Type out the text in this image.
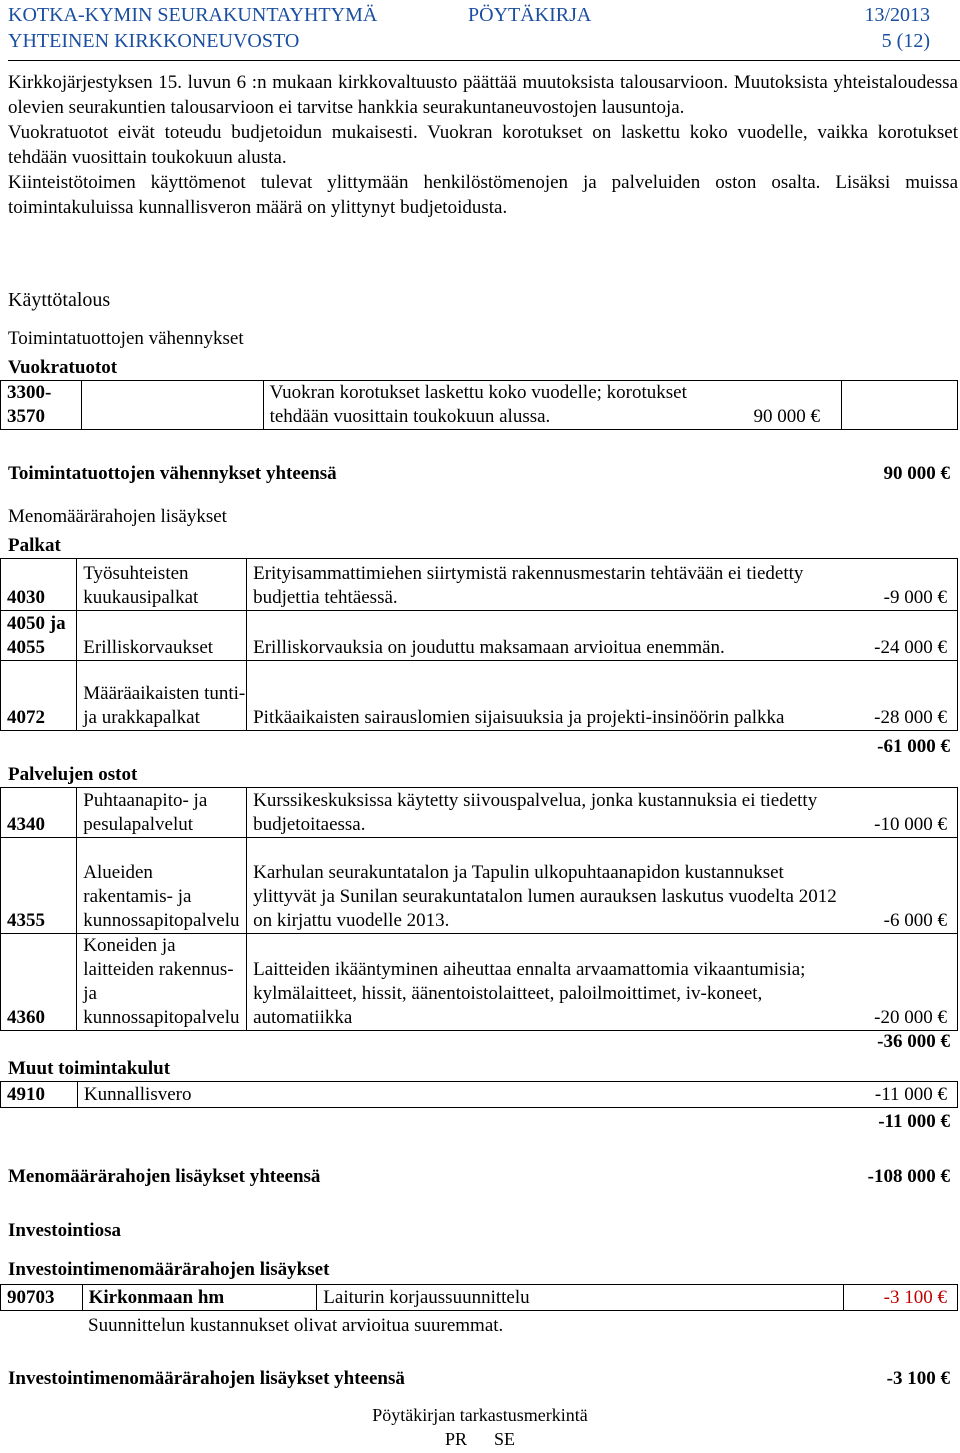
KOTKA-KYMIN SEURAKUNTAYHTYMÄ	PÖYTÄKIRJA	13/2013
YHTEINEN KIRKKONEUVOSTO	5 (12)

Kirkkojärjestyksen 15. luvun 6 :n mukaan kirkkovaltuusto päättää muutoksista talousarvioon. Muutoksista yhteistaloudessa olevien seurakuntien talousarvioon ei tarvitse hankkia seurakuntaneuvostojen lausuntoja.

Vuokratuotot eivät toteudu budjetoidun mukaisesti. Vuokran korotukset on laskettu koko vuodelle, vaikka korotukset tehdään vuosittain toukokuun alusta.

Kiinteistötoimen käyttömenot tulevat ylittymään henkilöstömenojen ja palveluiden oston osalta. Lisäksi muissa toimintakuluissa kunnallisveron määrä on ylittynyt budjetoidusta.

Käyttötalous
Toimintatuottojen vähennykset
Vuokratuotot
3300-
3570		Vuokran korotukset laskettu koko vuodelle; korotukset tehdään vuosittain toukokuun alussa.	90 000 €	
Toimintatuottojen vähennykset yhteensä	90 000 €
Menomäärärahojen lisäykset
Palkat
4030	Työsuhteisten kuukausipalkat	Erityisammattimiehen siirtymistä rakennusmestarin tehtävään ei tiedetty budjettia tehtäessä.	-9 000 €
4050 ja 4055	Erilliskorvaukset	Erilliskorvauksia on jouduttu maksamaan arvioitua enemmän.	-24 000 €
4072	Määräaikaisten tunti- ja urakkapalkat	Pitkäaikaisten sairauslomien sijaisuuksia ja projekti-insinöörin palkka	-28 000 €
-61 000 €
Palvelujen ostot
4340	Puhtaanapito- ja pesulapalvelut	Kurssikeskuksissa käytetty siivouspalvelua, jonka kustannuksia ei tiedetty budjetoitaessa.	-10 000 €
4355	Alueiden rakentamis- ja kunnossapitopalvelu	Karhulan seurakuntatalon ja Tapulin ulkopuhtaanapidon kustannukset ylittyvät ja Sunilan seurakuntatalon lumen aurauksen laskutus vuodelta 2012 on kirjattu vuodelle 2013.	-6 000 €
4360	Koneiden ja laitteiden rakennus- ja kunnossapitopalvelu	Laitteiden ikääntyminen aiheuttaa ennalta arvaamattomia vikaantumisia; kylmälaitteet, hissit, äänentoistolaitteet, paloilmoittimet, iv-koneet, automatiikka	-20 000 €
-36 000 €
Muut toimintakulut
4910	Kunnallisvero	-11 000 €
-11 000 €
Menomäärärahojen lisäykset yhteensä	-108 000 €
Investointiosa
Investointimenomäärärahojen lisäykset
90703	Kirkonmaan hm	Laiturin korjaussuunnittelu	-3 100 €
Suunnittelun kustannukset olivat arvioitua suuremmat.
Investointimenomäärärahojen lisäykset yhteensä	-3 100 €
Pöytäkirjan tarkastusmerkintä
PR      SE
